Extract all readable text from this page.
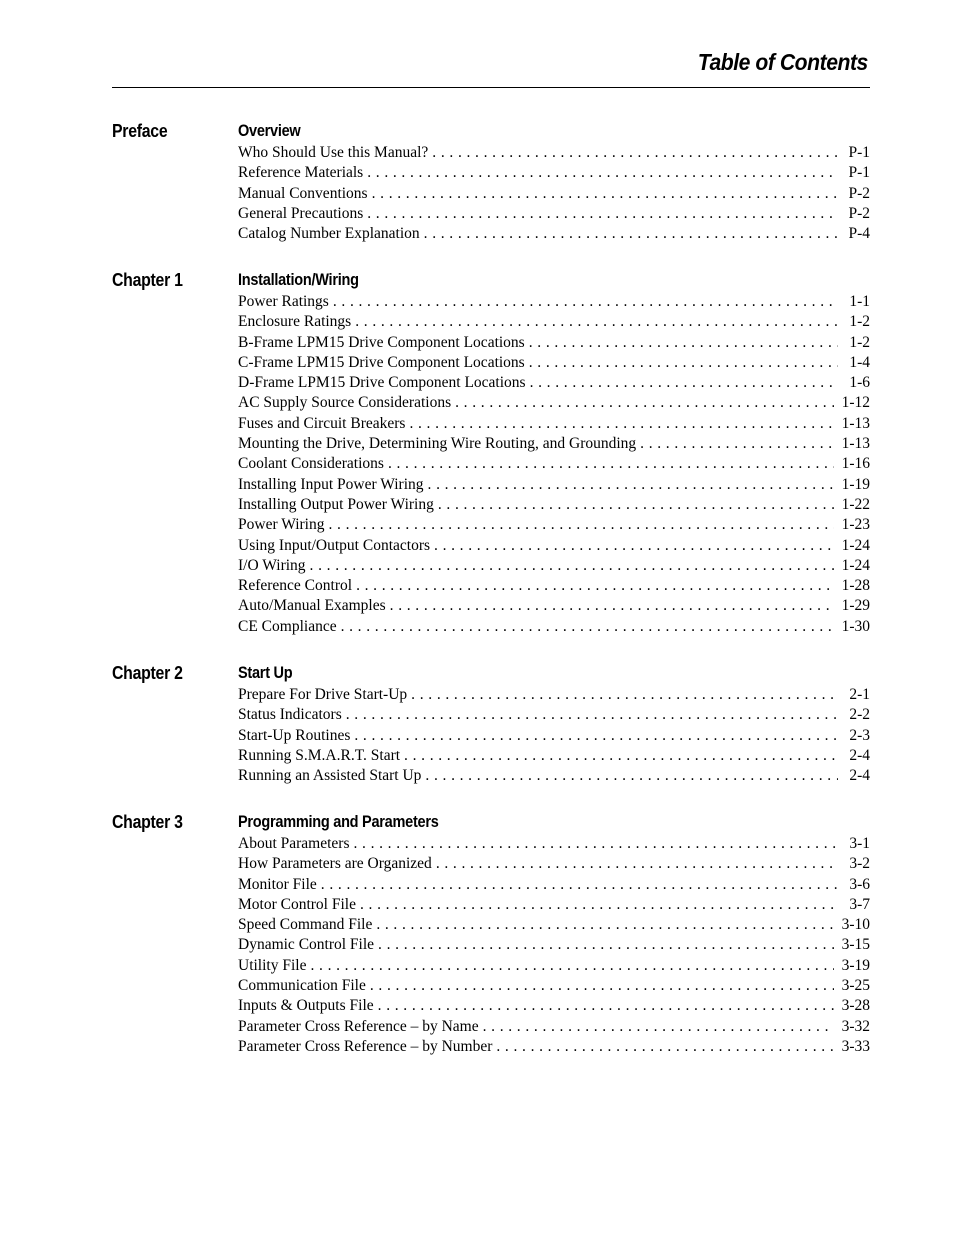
Table of Contents
Preface	Overview
Who Should Use this Manual? . . .	P-1
Reference Materials . . .	P-1
Manual Conventions . . .	P-2
General Precautions . . .	P-2
Catalog Number Explanation . . .	P-4
Chapter 1	Installation/Wiring
Power Ratings . . .	1-1
Enclosure Ratings . . .	1-2
B-Frame LPM15 Drive Component Locations . . .	1-2
C-Frame LPM15 Drive Component Locations . . .	1-4
D-Frame LPM15 Drive Component Locations . . .	1-6
AC Supply Source Considerations . . .	1-12
Fuses and Circuit Breakers . . .	1-13
Mounting the Drive, Determining Wire Routing, and Grounding . . .	1-13
Coolant Considerations . . .	1-16
Installing Input Power Wiring . . .	1-19
Installing Output Power Wiring . . .	1-22
Power Wiring . . .	1-23
Using Input/Output Contactors . . .	1-24
I/O Wiring . . .	1-24
Reference Control . . .	1-28
Auto/Manual Examples . . .	1-29
CE Compliance . . .	1-30
Chapter 2	Start Up
Prepare For Drive Start-Up . . .	2-1
Status Indicators . . .	2-2
Start-Up Routines . . .	2-3
Running S.M.A.R.T. Start . . .	2-4
Running an Assisted Start Up . . .	2-4
Chapter 3	Programming and Parameters
About Parameters . . .	3-1
How Parameters are Organized . . .	3-2
Monitor File . . .	3-6
Motor Control File . . .	3-7
Speed Command File . . .	3-10
Dynamic Control File . . .	3-15
Utility File . . .	3-19
Communication File . . .	3-25
Inputs & Outputs File . . .	3-28
Parameter Cross Reference – by Name . . .	3-32
Parameter Cross Reference – by Number . . .	3-33
